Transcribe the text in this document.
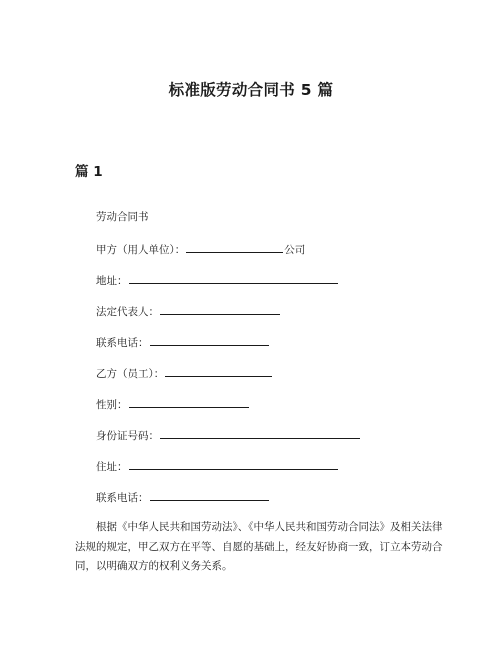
标准版劳动合同书 5 篇
篇 1
劳动合同书
甲方（用人单位）：	公司
地址：
法定代表人：
联系电话：
乙方（员工）：
性别：
身份证号码：
住址：
联系电话：
根据《中华人民共和国劳动法》、《中华人民共和国劳动合同法》及相关法律法规的规定，甲乙双方在平等、自愿的基础上，经友好协商一致，订立本劳动合同，以明确双方的权利义务关系。
